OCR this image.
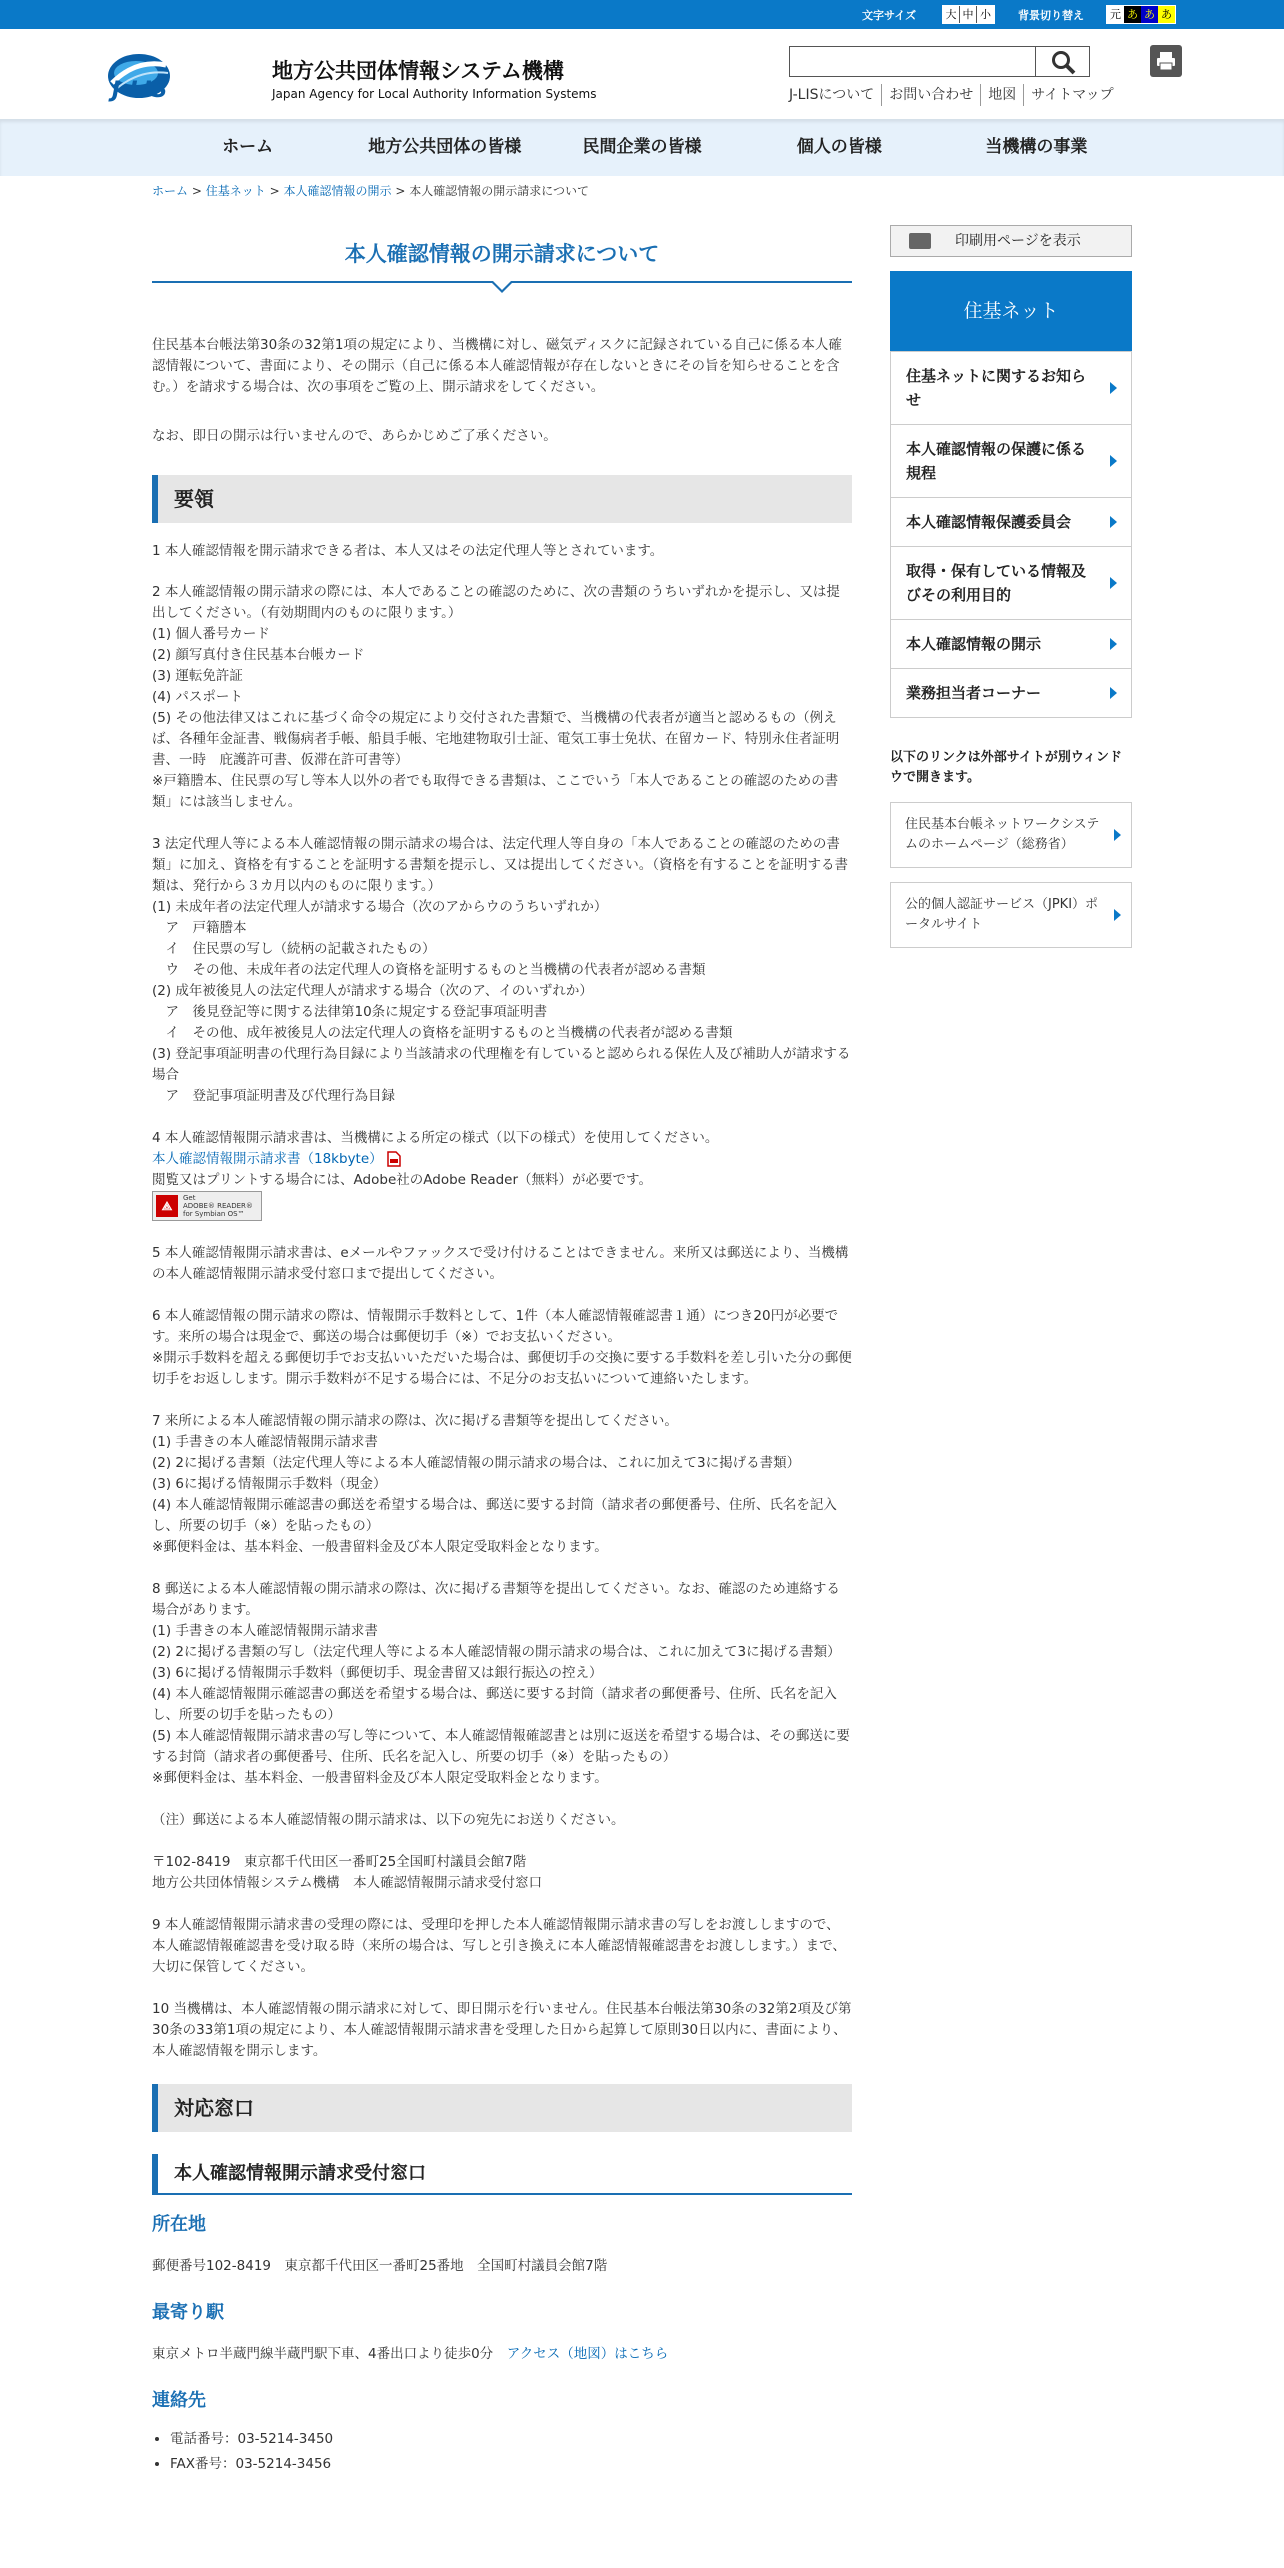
文字サイズ	大 中 小 背景切り替え 元 あ あ あ
J-LIS
地方公共団体情報システム機構
Japan Agency for Local Authority Information Systems	J-LISについて	お問い合わせ	地図	サイトマップ
ホーム	地方公共団体の皆様	民間企業の皆様	個人の皆様	当機構の事業
ホーム > 住基ネット > 本人確認情報の開示 > 本人確認情報の開示請求について
本人確認情報の開示請求について

住民基本台帳法第30条の32第1項の規定により、当機構に対し、磁気ディスクに記録されている自己に係る本人確認情報について、書面により、その開示（自己に係る本人確認情報が存在しないときにその旨を知らせることを含む。）を請求する場合は、次の事項をご覧の上、開示請求をしてください。

なお、即日の開示は行いませんので、あらかじめご了承ください。

要領

1 本人確認情報を開示請求できる者は、本人又はその法定代理人等とされています。

2 本人確認情報の開示請求の際には、本人であることの確認のために、次の書類のうちいずれかを提示し、又は提出してください。（有効期間内のものに限ります。）

(1) 個人番号カード

(2) 顔写真付き住民基本台帳カード

(3) 運転免許証

(4) パスポート

(5) その他法律又はこれに基づく命令の規定により交付された書類で、当機構の代表者が適当と認めるもの（例えば、各種年金証書、戦傷病者手帳、船員手帳、宅地建物取引士証、電気工事士免状、在留カード、特別永住者証明書、一時　庇護許可書、仮滞在許可書等）

※戸籍謄本、住民票の写し等本人以外の者でも取得できる書類は、ここでいう「本人であることの確認のための書類」には該当しません。

3 法定代理人等による本人確認情報の開示請求の場合は、法定代理人等自身の「本人であることの確認のための書類」に加え、資格を有することを証明する書類を提示し、又は提出してください。（資格を有することを証明する書類は、発行から３カ月以内のものに限ります。）

(1) 未成年者の法定代理人が請求する場合（次のアからウのうちいずれか）

　ア　戸籍謄本

　イ　住民票の写し（続柄の記載されたもの）

　ウ　その他、未成年者の法定代理人の資格を証明するものと当機構の代表者が認める書類

(2) 成年被後見人の法定代理人が請求する場合（次のア、イのいずれか）

　ア　後見登記等に関する法律第10条に規定する登記事項証明書

　イ　その他、成年被後見人の法定代理人の資格を証明するものと当機構の代表者が認める書類

(3) 登記事項証明書の代理行為目録により当該請求の代理権を有していると認められる保佐人及び補助人が請求する場合

　ア　登記事項証明書及び代理行為目録

4 本人確認情報開示請求書は、当機構による所定の様式（以下の様式）を使用してください。

本人確認情報開示請求書（18kbyte）

閲覧又はプリントする場合には、Adobe社のAdobe Reader（無料）が必要です。

⟁
Get
ADOBE® READER®
for Symbian OS™

5 本人確認情報開示請求書は、eメールやファックスで受け付けることはできません。来所又は郵送により、当機構の本人確認情報開示請求受付窓口まで提出してください。

6 本人確認情報の開示請求の際は、情報開示手数料として、1件（本人確認情報確認書１通）につき20円が必要です。来所の場合は現金で、郵送の場合は郵便切手（※）でお支払いください。

※開示手数料を超える郵便切手でお支払いいただいた場合は、郵便切手の交換に要する手数料を差し引いた分の郵便切手をお返しします。開示手数料が不足する場合には、不足分のお支払いについて連絡いたします。

7 来所による本人確認情報の開示請求の際は、次に掲げる書類等を提出してください。

(1) 手書きの本人確認情報開示請求書

(2) 2に掲げる書類（法定代理人等による本人確認情報の開示請求の場合は、これに加えて3に掲げる書類）

(3) 6に掲げる情報開示手数料（現金）

(4) 本人確認情報開示確認書の郵送を希望する場合は、郵送に要する封筒（請求者の郵便番号、住所、氏名を記入し、所要の切手（※）を貼ったもの）

※郵便料金は、基本料金、一般書留料金及び本人限定受取料金となります。

8 郵送による本人確認情報の開示請求の際は、次に掲げる書類等を提出してください。なお、確認のため連絡する場合があります。

(1) 手書きの本人確認情報開示請求書

(2) 2に掲げる書類の写し（法定代理人等による本人確認情報の開示請求の場合は、これに加えて3に掲げる書類）

(3) 6に掲げる情報開示手数料（郵便切手、現金書留又は銀行振込の控え）

(4) 本人確認情報開示確認書の郵送を希望する場合は、郵送に要する封筒（請求者の郵便番号、住所、氏名を記入し、所要の切手を貼ったもの）

(5) 本人確認情報開示請求書の写し等について、本人確認情報確認書とは別に返送を希望する場合は、その郵送に要する封筒（請求者の郵便番号、住所、氏名を記入し、所要の切手（※）を貼ったもの）

※郵便料金は、基本料金、一般書留料金及び本人限定受取料金となります。

（注）郵送による本人確認情報の開示請求は、以下の宛先にお送りください。

〒102-8419　東京都千代田区一番町25全国町村議員会館7階

地方公共団体情報システム機構　本人確認情報開示請求受付窓口

9 本人確認情報開示請求書の受理の際には、受理印を押した本人確認情報開示請求書の写しをお渡ししますので、本人確認情報確認書を受け取る時（来所の場合は、写しと引き換えに本人確認情報確認書をお渡しします。）まで、大切に保管してください。

10 当機構は、本人確認情報の開示請求に対して、即日開示を行いません。住民基本台帳法第30条の32第2項及び第30条の33第1項の規定により、本人確認情報開示請求書を受理した日から起算して原則30日以内に、書面により、本人確認情報を開示します。

対応窓口
本人確認情報開示請求受付窓口
所在地

郵便番号102-8419　東京都千代田区一番町25番地　全国町村議員会館7階

最寄り駅

東京メトロ半蔵門線半蔵門駅下車、4番出口より徒歩0分　アクセス（地図）はこちら

連絡先
• 電話番号：03-5214-3450
• FAX番号：03-5214-3456
印刷用ページを表示
住基ネット
住基ネットに関するお知らせ
本人確認情報の保護に係る規程
本人確認情報保護委員会
取得・保有している情報及びその利用目的
本人確認情報の開示
業務担当者コーナー
以下のリンクは外部サイトが別ウィンドウで開きます。
住民基本台帳ネットワークシステムのホームページ（総務省）
公的個人認証サービス（JPKI）ポータルサイト
